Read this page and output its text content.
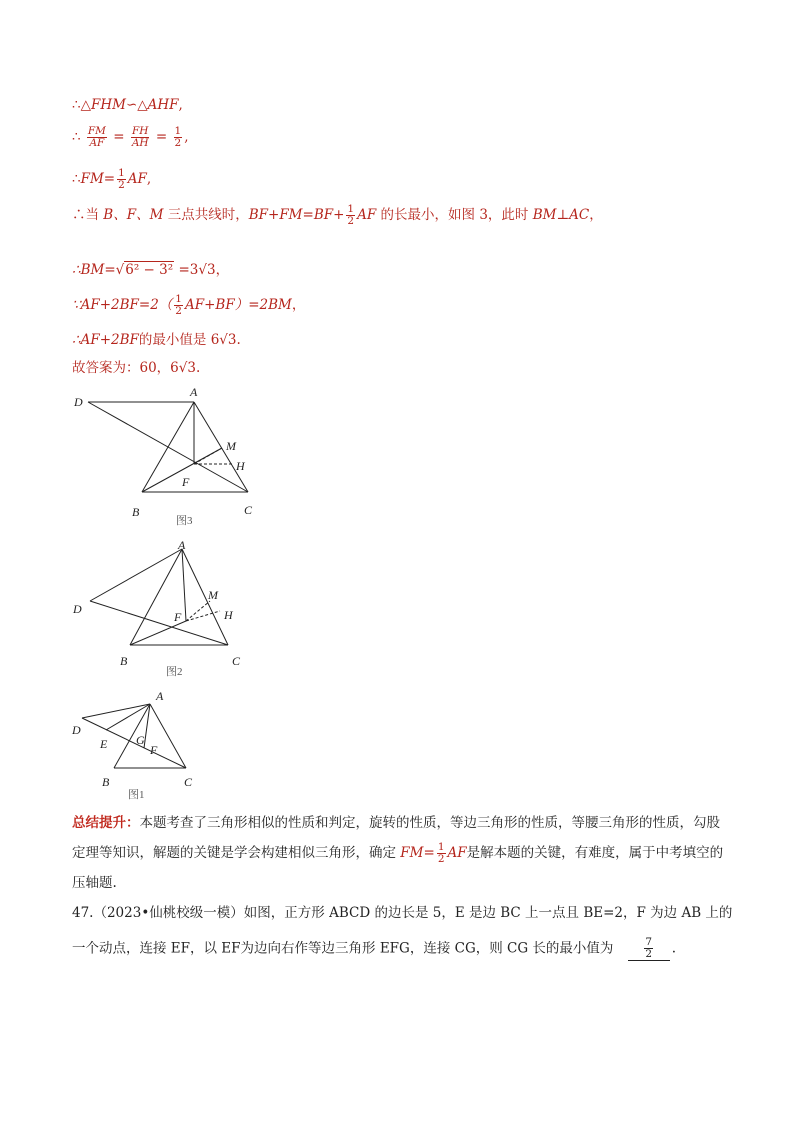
∴△FHM∽△AHF,
∴ $\frac{FM}{AF} = \frac{FH}{AH} = \frac{1}{2}$ ,
∴FM= $\frac{1}{2}$ AF,
∴当 B、F、M 三点共线时，$BF+FM=BF+ \frac{1}{2}$ AF 的长最小，如图 3，此时 BM⊥AC，
∴BM=√6² − 3² =3√3，
∵AF+2BF=2（ $\frac{1}{2} AF+BF)=2BM$，
∴AF+2BF的最小值是 6√3.
故答案为：60，6√3.
A
D
M
H
F
B	C
图3
A
D
M
H
F
B	C
图2
A
D
E G
F
B	C
图1
总结提升：本题考查了三角形相似的性质和判定，旋转的性质，等边三角形的性质，等腰三角形的性质，勾股定理等知识，解题的关键是学会构建相似三角形，确定 $FM= \frac{1}{2}$ AF是解本题的关键，有难度，属于中考填空的压轴题.
47.（2023•仙桃校级一模）如图，正方形 ABCD 的边长是 5，E 是边 BC 上一点且 BE=2，F 为边 AB 上的
一个动点，连接 EF，以 EF为边向右作等边三角形 EFG，连接 CG，则 CG 长的最小值为 $\frac{7}{2}$ .
